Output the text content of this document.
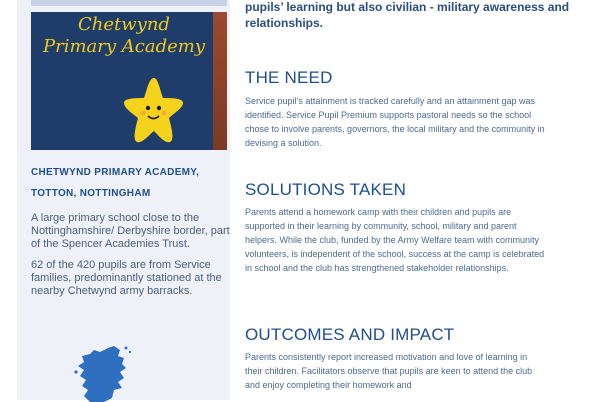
Chetwynd
Primary Academy
CHETWYND PRIMARY ACADEMY,
TOTTON, NOTTINGHAM

A large primary school close to the Nottinghamshire/ Derbyshire border, part of the Spencer Academies Trust.

62 of the 420 pupils are from Service families, predominantly stationed at the nearby Chetwynd army barracks.

pupils’ learning but also civilian - military awareness and
relationships.
THE NEED

Service pupil’s attainment is tracked carefully and an attainment gap was identified. Service Pupil Premium supports pastoral needs so the school chose to involve parents, governors, the local military and the community in devising a solution.

SOLUTIONS TAKEN

Parents attend a homework camp with their children and pupils are supported in their learning by community, school, military and parent helpers. While the club, funded by the Army Welfare team with community volunteers, is independent of the school, success at the camp is celebrated in school and the club has strengthened stakeholder relationships.

OUTCOMES AND IMPACT

Parents consistently report increased motivation and love of learning in their children. Facilitators observe that pupils are keen to attend the club and enjoy completing their homework and
